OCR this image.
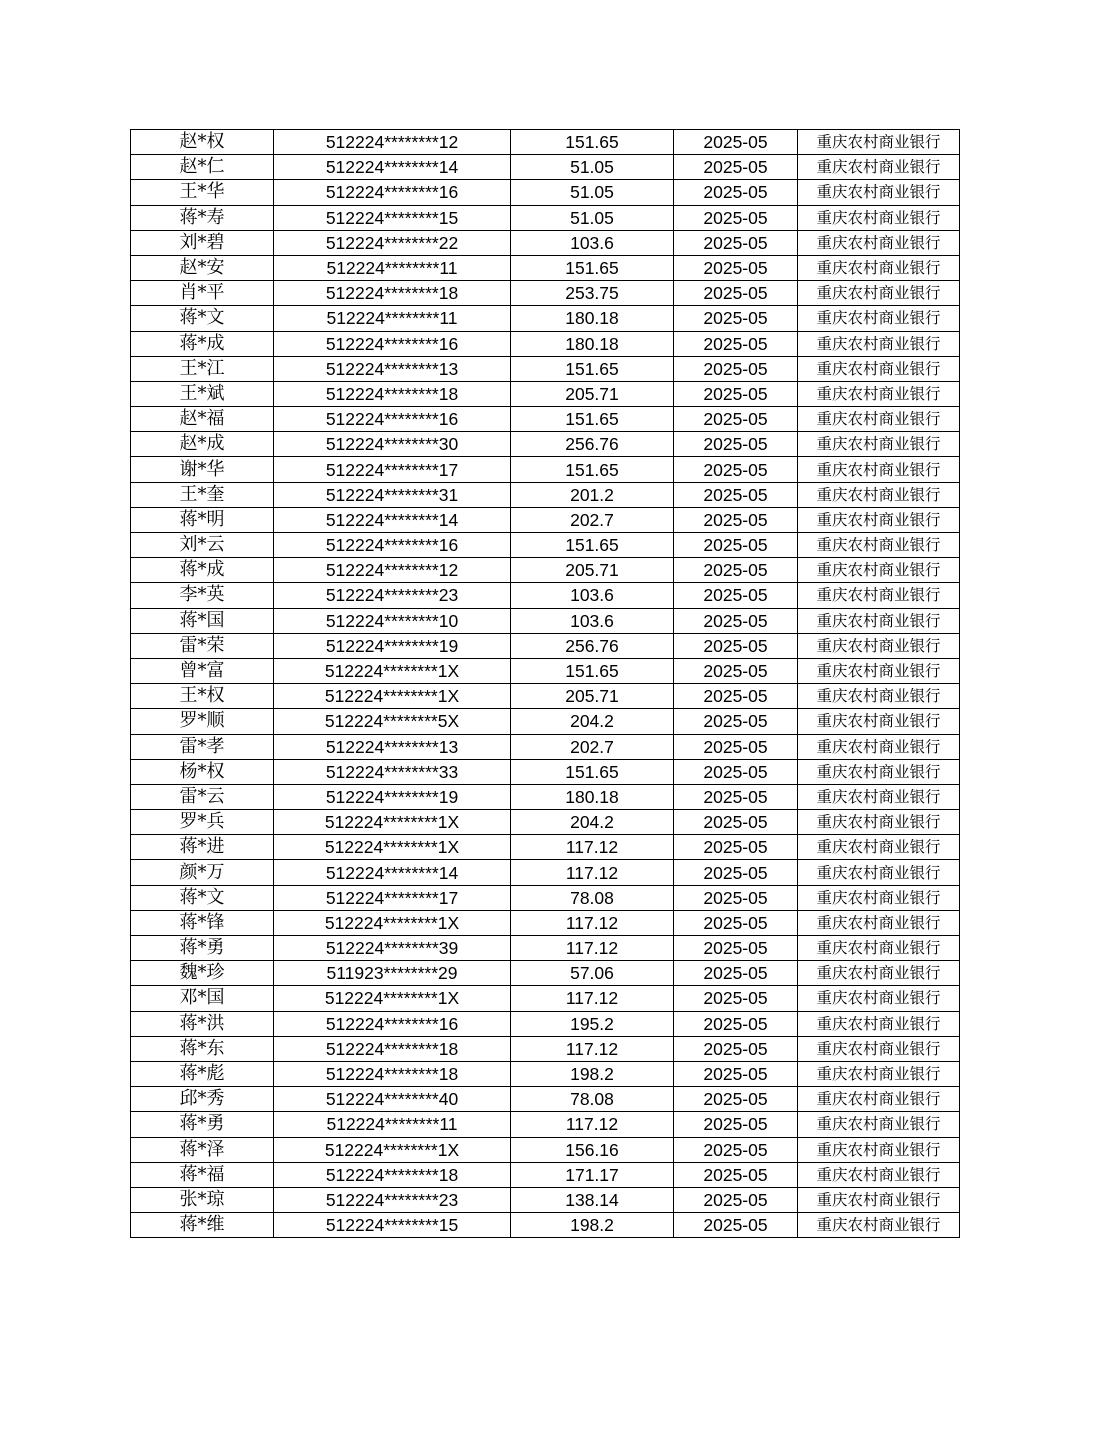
赵*权	512224********12	151.65	2025-05	重庆农村商业银行
赵*仁	512224********14	51.05	2025-05	重庆农村商业银行
王*华	512224********16	51.05	2025-05	重庆农村商业银行
蒋*寿	512224********15	51.05	2025-05	重庆农村商业银行
刘*碧	512224********22	103.6	2025-05	重庆农村商业银行
赵*安	512224********11	151.65	2025-05	重庆农村商业银行
肖*平	512224********18	253.75	2025-05	重庆农村商业银行
蒋*文	512224********11	180.18	2025-05	重庆农村商业银行
蒋*成	512224********16	180.18	2025-05	重庆农村商业银行
王*江	512224********13	151.65	2025-05	重庆农村商业银行
王*斌	512224********18	205.71	2025-05	重庆农村商业银行
赵*福	512224********16	151.65	2025-05	重庆农村商业银行
赵*成	512224********30	256.76	2025-05	重庆农村商业银行
谢*华	512224********17	151.65	2025-05	重庆农村商业银行
王*奎	512224********31	201.2	2025-05	重庆农村商业银行
蒋*明	512224********14	202.7	2025-05	重庆农村商业银行
刘*云	512224********16	151.65	2025-05	重庆农村商业银行
蒋*成	512224********12	205.71	2025-05	重庆农村商业银行
李*英	512224********23	103.6	2025-05	重庆农村商业银行
蒋*国	512224********10	103.6	2025-05	重庆农村商业银行
雷*荣	512224********19	256.76	2025-05	重庆农村商业银行
曾*富	512224********1X	151.65	2025-05	重庆农村商业银行
王*权	512224********1X	205.71	2025-05	重庆农村商业银行
罗*顺	512224********5X	204.2	2025-05	重庆农村商业银行
雷*孝	512224********13	202.7	2025-05	重庆农村商业银行
杨*权	512224********33	151.65	2025-05	重庆农村商业银行
雷*云	512224********19	180.18	2025-05	重庆农村商业银行
罗*兵	512224********1X	204.2	2025-05	重庆农村商业银行
蒋*进	512224********1X	117.12	2025-05	重庆农村商业银行
颜*万	512224********14	117.12	2025-05	重庆农村商业银行
蒋*文	512224********17	78.08	2025-05	重庆农村商业银行
蒋*锋	512224********1X	117.12	2025-05	重庆农村商业银行
蒋*勇	512224********39	117.12	2025-05	重庆农村商业银行
魏*珍	511923********29	57.06	2025-05	重庆农村商业银行
邓*国	512224********1X	117.12	2025-05	重庆农村商业银行
蒋*洪	512224********16	195.2	2025-05	重庆农村商业银行
蒋*东	512224********18	117.12	2025-05	重庆农村商业银行
蒋*彪	512224********18	198.2	2025-05	重庆农村商业银行
邱*秀	512224********40	78.08	2025-05	重庆农村商业银行
蒋*勇	512224********11	117.12	2025-05	重庆农村商业银行
蒋*泽	512224********1X	156.16	2025-05	重庆农村商业银行
蒋*福	512224********18	171.17	2025-05	重庆农村商业银行
张*琼	512224********23	138.14	2025-05	重庆农村商业银行
蒋*维	512224********15	198.2	2025-05	重庆农村商业银行
